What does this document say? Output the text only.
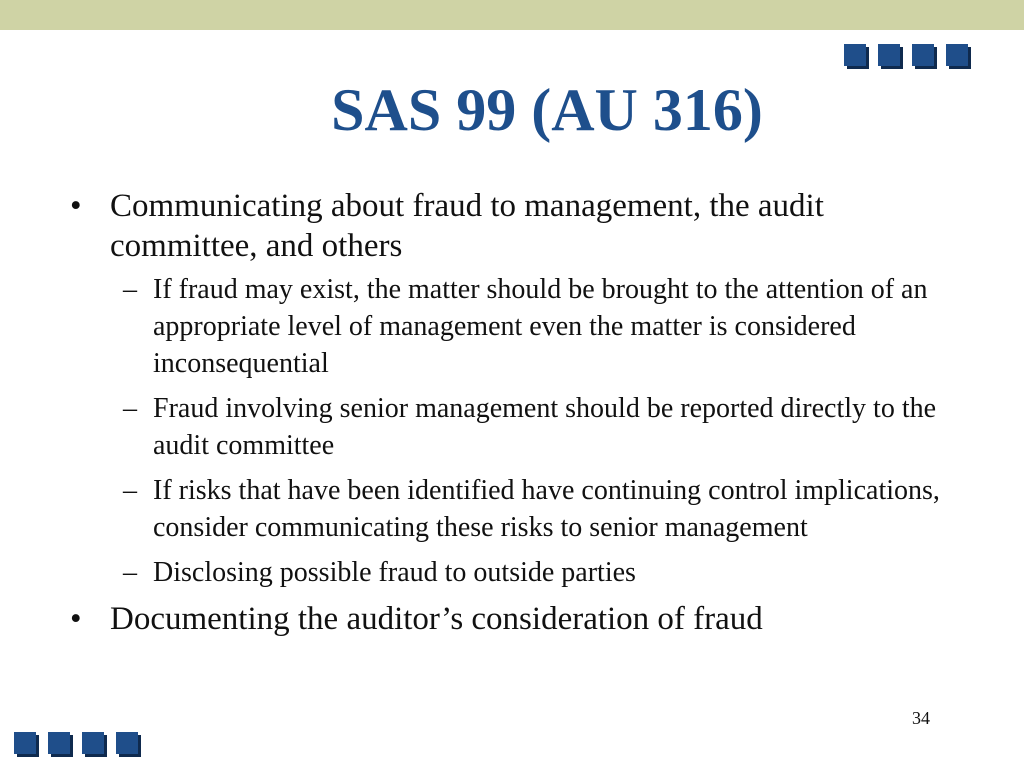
SAS 99 (AU 316)
• Communicating about fraud to management, the audit committee, and others
– If fraud may exist, the matter should be brought to the attention of an appropriate level of management even the matter is considered inconsequential
– Fraud involving senior management should be reported directly to the audit committee
– If risks that have been identified have continuing control implications, consider communicating these risks to senior management
– Disclosing possible fraud to outside parties
• Documenting the auditor’s consideration of fraud
34
